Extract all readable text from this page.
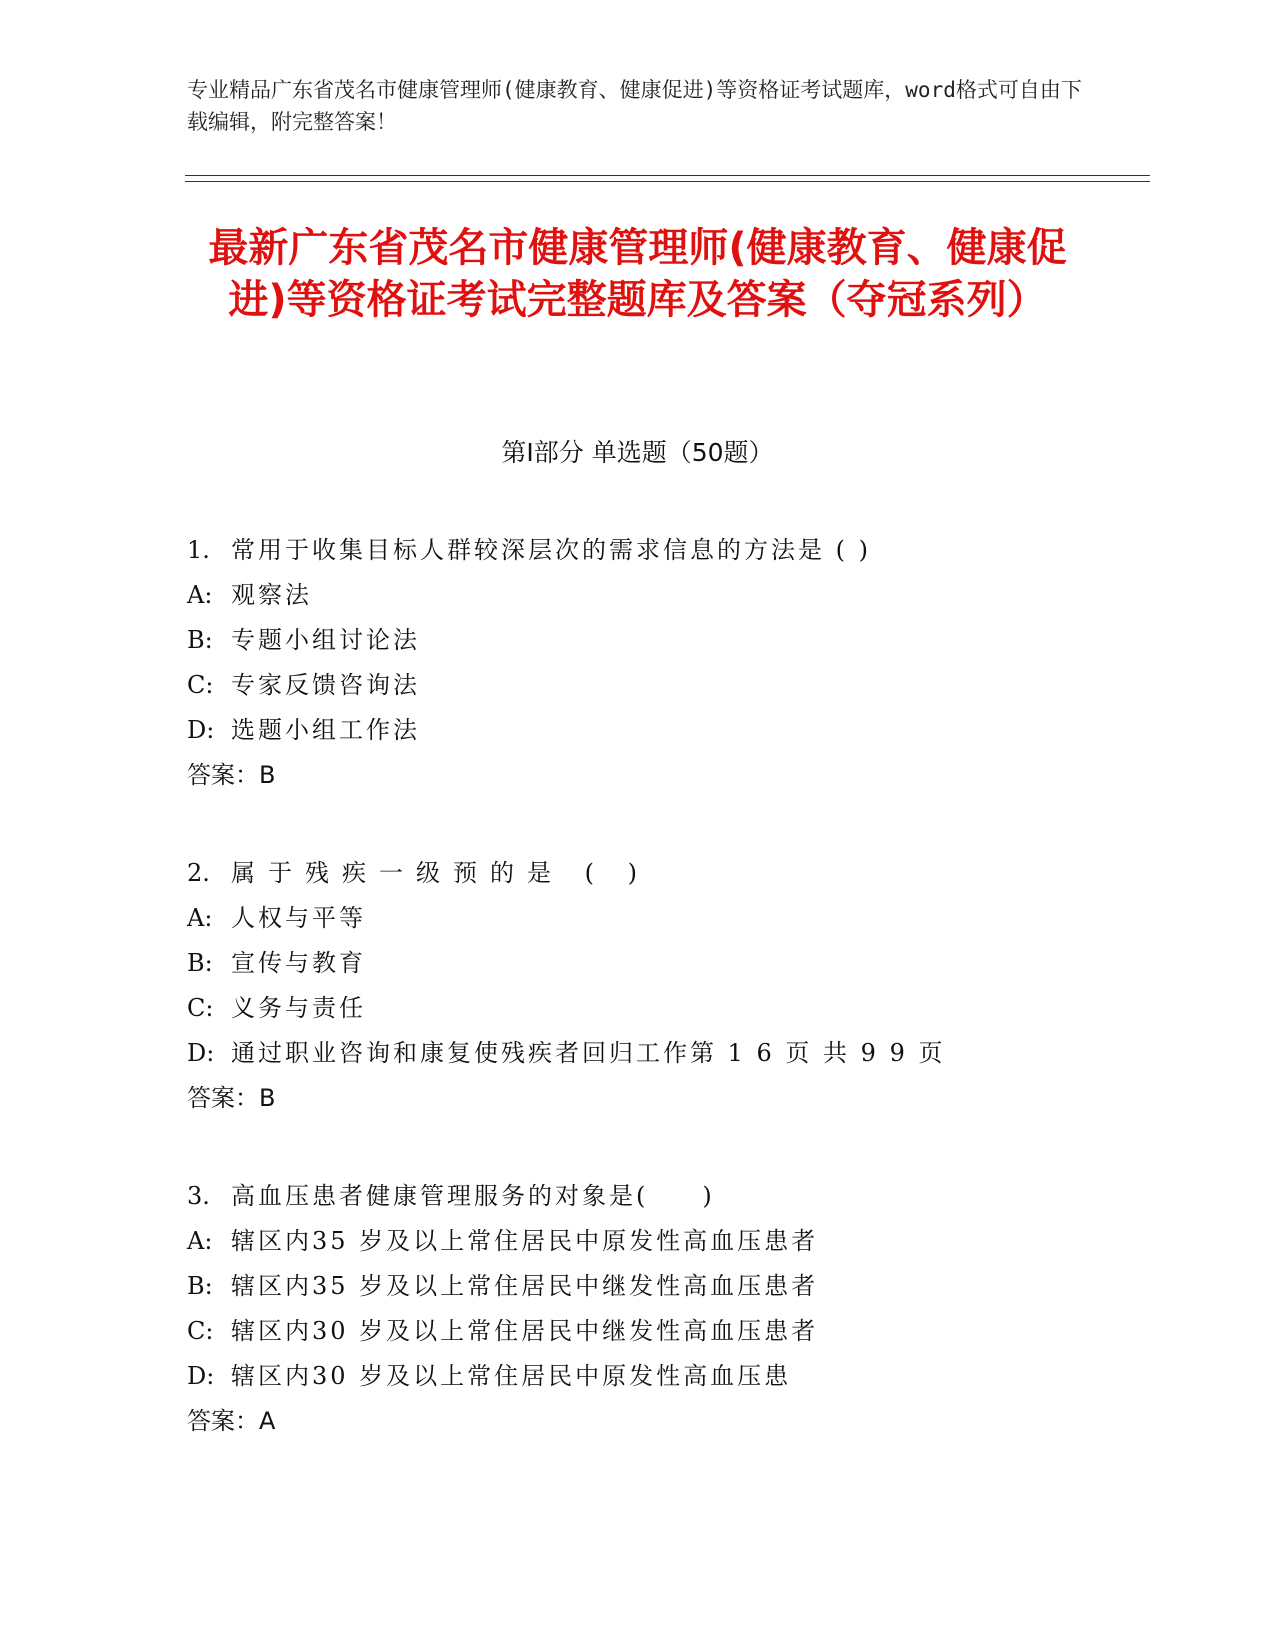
专业精品广东省茂名市健康管理师(健康教育、健康促进)等资格证考试题库，word格式可自由下载编辑，附完整答案！
最新广东省茂名市健康管理师(健康教育、健康促进)等资格证考试完整题库及答案（夺冠系列）
第Ⅰ部分 单选题（50题）
1. 常用于收集目标人群较深层次的需求信息的方法是 ( )
A: 观察法
B: 专题小组讨论法
C: 专家反馈咨询法
D: 选题小组工作法
答案： B
2. 属于残疾一级预的是 ( )
A: 人权与平等
B: 宣传与教育
C: 义务与责任
D: 通过职业咨询和康复使残疾者回归工作第 1 6 页 共 9 9 页
答案： B
3. 高血压患者健康管理服务的对象是(　　)
A: 辖区内35 岁及以上常住居民中原发性高血压患者
B: 辖区内35 岁及以上常住居民中继发性高血压患者
C: 辖区内30 岁及以上常住居民中继发性高血压患者
D: 辖区内30 岁及以上常住居民中原发性高血压患
答案： A
